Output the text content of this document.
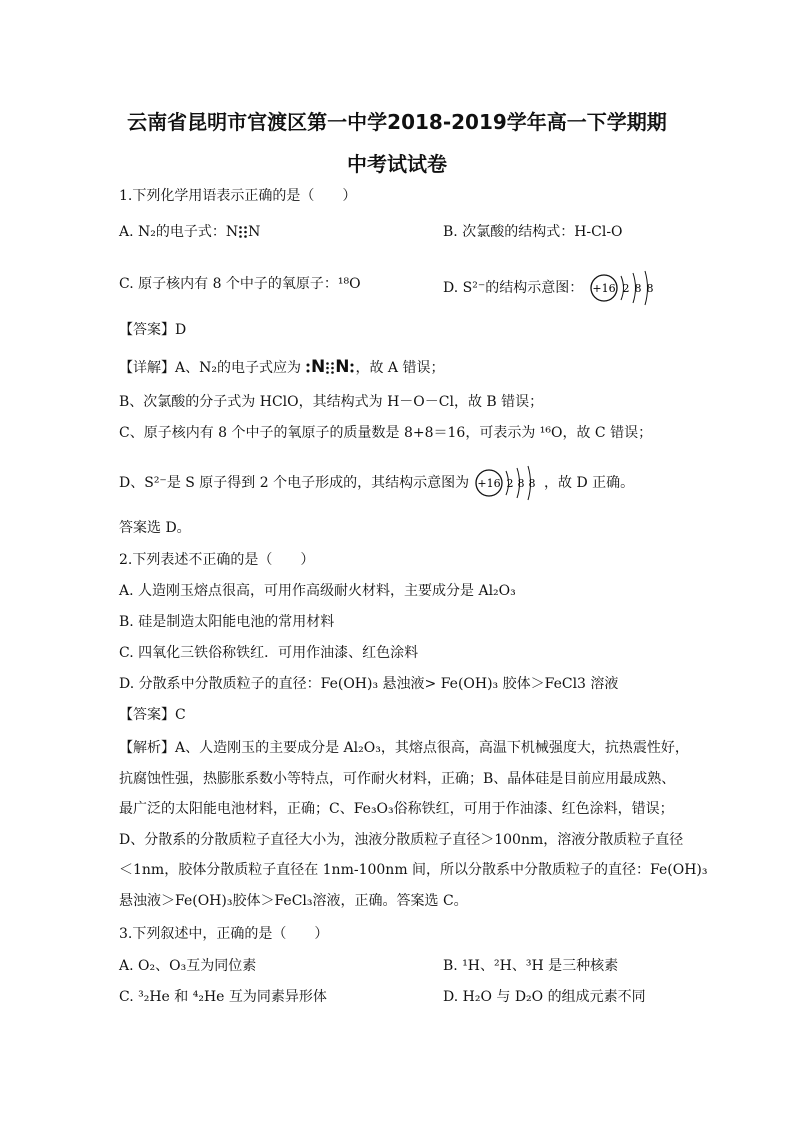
云南省昆明市官渡区第一中学2018-2019学年高一下学期期
中考试试卷
1.下列化学用语表示正确的是（　　）
A. N₂的电子式：N N	B. 次氯酸的结构式：H-Cl-O
C. 原子核内有 8 个中子的氧原子：¹⁸O	D. S²⁻的结构示意图： +16 2 8 8
【答案】D
【详解】A、N₂的电子式应为 N N ，故 A 错误；
B、次氯酸的分子式为 HClO，其结构式为 H－O－Cl，故 B 错误；
C、原子核内有 8 个中子的氧原子的质量数是 8+8＝16，可表示为 ¹⁶O，故 C 错误；
D、S²⁻是 S 原子得到 2 个电子形成的，其结构示意图为 +16 2 8 8 ，故 D 正确。
答案选 D。
2.下列表述不正确的是（　　）
A. 人造刚玉熔点很高，可用作高级耐火材料，主要成分是 Al₂O₃
B. 硅是制造太阳能电池的常用材料
C. 四氧化三铁俗称铁红．可用作油漆、红色涂料
D. 分散系中分散质粒子的直径：Fe(OH)₃ 悬浊液> Fe(OH)₃ 胶体＞FeCl3 溶液
【答案】C
【解析】A、人造刚玉的主要成分是 Al₂O₃，其熔点很高，高温下机械强度大，抗热震性好，
抗腐蚀性强，热膨胀系数小等特点，可作耐火材料，正确；B、晶体硅是目前应用最成熟、
最广泛的太阳能电池材料，正确；C、Fe₃O₃俗称铁红，可用于作油漆、红色涂料，错误；
D、分散系的分散质粒子直径大小为，浊液分散质粒子直径＞100nm，溶液分散质粒子直径
＜1nm，胶体分散质粒子直径在 1nm-100nm 间，所以分散系中分散质粒子的直径：Fe(OH)₃
悬浊液＞Fe(OH)₃胶体＞FeCl₃溶液，正确。答案选 C。
3.下列叙述中，正确的是（　　）
A. O₂、O₃互为同位素	B. ¹H、²H、³H 是三种核素
C. ³₂He 和 ⁴₂He 互为同素异形体	D. H₂O 与 D₂O 的组成元素不同
